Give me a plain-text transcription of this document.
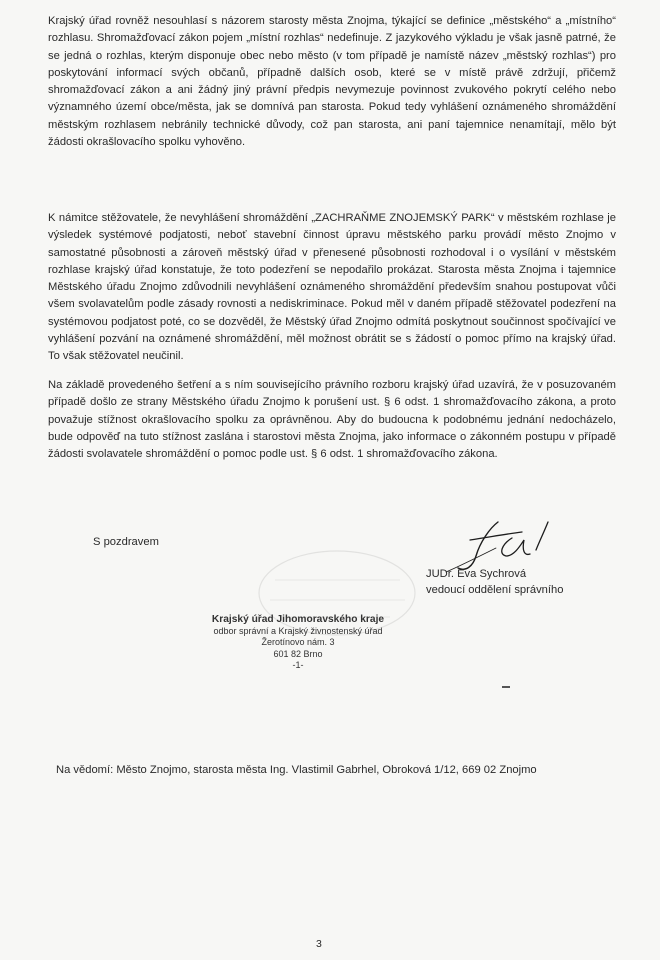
Krajský úřad rovněž nesouhlasí s názorem starosty města Znojma, týkající se definice „městského“ a „místního“ rozhlasu. Shromažďovací zákon pojem „místní rozhlas“ nedefinuje. Z jazykového výkladu je však jasně patrné, že se jedná o rozhlas, kterým disponuje obec nebo město (v tom případě je namístě název „městský rozhlas“) pro poskytování informací svých občanů, případně dalších osob, které se v místě právě zdržují, přičemž shromažďovací zákon a ani žádný jiný právní předpis nevymezuje povinnost zvukového pokrytí celého nebo významného území obce/města, jak se domnívá pan starosta. Pokud tedy vyhlášení oznámeného shromáždění městským rozhlasem nebránily technické důvody, což pan starosta, ani paní tajemnice nenamítají, mělo být žádosti okrašlovacího spolku vyhověno.

K námitce stěžovatele, že nevyhlášení shromáždění „ZACHRAŇME ZNOJEMSKÝ PARK“ v městském rozhlase je výsledek systémové podjatosti, neboť stavební činnost úpravu městského parku provádí město Znojmo v samostatné působnosti a zároveň městský úřad v přenesené působnosti rozhodoval i o vysílání v městském rozhlase krajský úřad konstatuje, že toto podezření se nepodařilo prokázat. Starosta města Znojma i tajemnice Městského úřadu Znojmo zdůvodnili nevyhlášení oznámeného shromáždění především snahou postupovat vůči všem svolavatelům podle zásady rovnosti a nediskriminace. Pokud měl v daném případě stěžovatel podezření na systémovou podjatost poté, co se dozvěděl, že Městský úřad Znojmo odmítá poskytnout součinnost spočívající ve vyhlášení pozvání na oznámené shromáždění, měl možnost obrátit se s žádostí o pomoc přímo na krajský úřad. To však stěžovatel neučinil.

Na základě provedeného šetření a s ním souvisejícího právního rozboru krajský úřad uzavírá, že v posuzovaném případě došlo ze strany Městského úřadu Znojmo k porušení ust. § 6 odst. 1 shromažďovacího zákona, a proto považuje stížnost okrašlovacího spolku za oprávněnou. Aby do budoucna k podobnému jednání nedocházelo, bude odpověď na tuto stížnost zaslána i starostovi města Znojma, jako informace o zákonném postupu v případě žádosti svolavatele shromáždění o pomoc podle ust. § 6 odst. 1 shromažďovacího zákona.

S pozdravem
JUDr. Eva Sychrová
vedoucí oddělení správního
Krajský úřad Jihomoravského kraje
odbor správní a Krajský živnostenský úřad
Žerotínovo nám. 3
601 82 Brno
-1-
Na vědomí: Město Znojmo, starosta města Ing. Vlastimil Gabrhel, Obroková 1/12, 669 02 Znojmo
3
